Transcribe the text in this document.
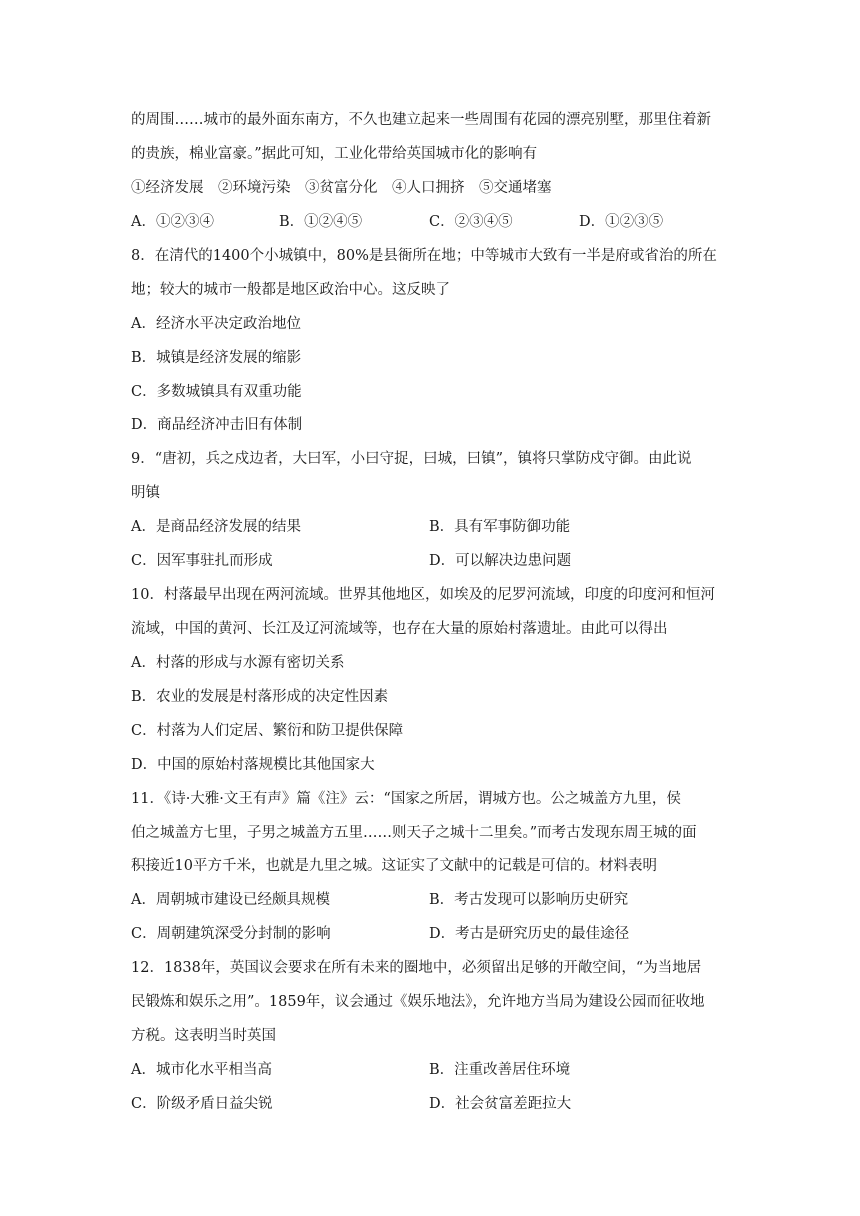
的周围……城市的最外面东南方，不久也建立起来一些周围有花园的漂亮别墅，那里住着新
的贵族，棉业富豪。”据此可知，工业化带给英国城市化的影响有
①经济发展　②环境污染　③贫富分化　④人口拥挤　⑤交通堵塞
A．①②③④	B．①②④⑤	C．②③④⑤	D．①②③⑤
8．在清代的1400个小城镇中，80%是县衙所在地；中等城市大致有一半是府或省治的所在
地；较大的城市一般都是地区政治中心。这反映了
A．经济水平决定政治地位
B．城镇是经济发展的缩影
C．多数城镇具有双重功能
D．商品经济冲击旧有体制
9．“唐初，兵之戍边者，大曰军，小曰守捉，曰城，曰镇”，镇将只掌防戍守御。由此说
明镇
A．是商品经济发展的结果	B．具有军事防御功能
C．因军事驻扎而形成	D．可以解决边患问题
10．村落最早出现在两河流域。世界其他地区，如埃及的尼罗河流域，印度的印度河和恒河
流域，中国的黄河、长江及辽河流域等，也存在大量的原始村落遗址。由此可以得出
A．村落的形成与水源有密切关系
B．农业的发展是村落形成的决定性因素
C．村落为人们定居、繁衍和防卫提供保障
D．中国的原始村落规模比其他国家大
11．《诗·大雅·文王有声》篇《注》云：“国家之所居，谓城方也。公之城盖方九里，侯
伯之城盖方七里，子男之城盖方五里……则天子之城十二里矣。”而考古发现东周王城的面
积接近10平方千米，也就是九里之城。这证实了文献中的记载是可信的。材料表明
A．周朝城市建设已经颇具规模	B．考古发现可以影响历史研究
C．周朝建筑深受分封制的影响	D．考古是研究历史的最佳途径
12．1838年，英国议会要求在所有未来的圈地中，必须留出足够的开敞空间，“为当地居
民锻炼和娱乐之用”。1859年，议会通过《娱乐地法》，允许地方当局为建设公园而征收地
方税。这表明当时英国
A．城市化水平相当高	B．注重改善居住环境
C．阶级矛盾日益尖锐	D．社会贫富差距拉大
